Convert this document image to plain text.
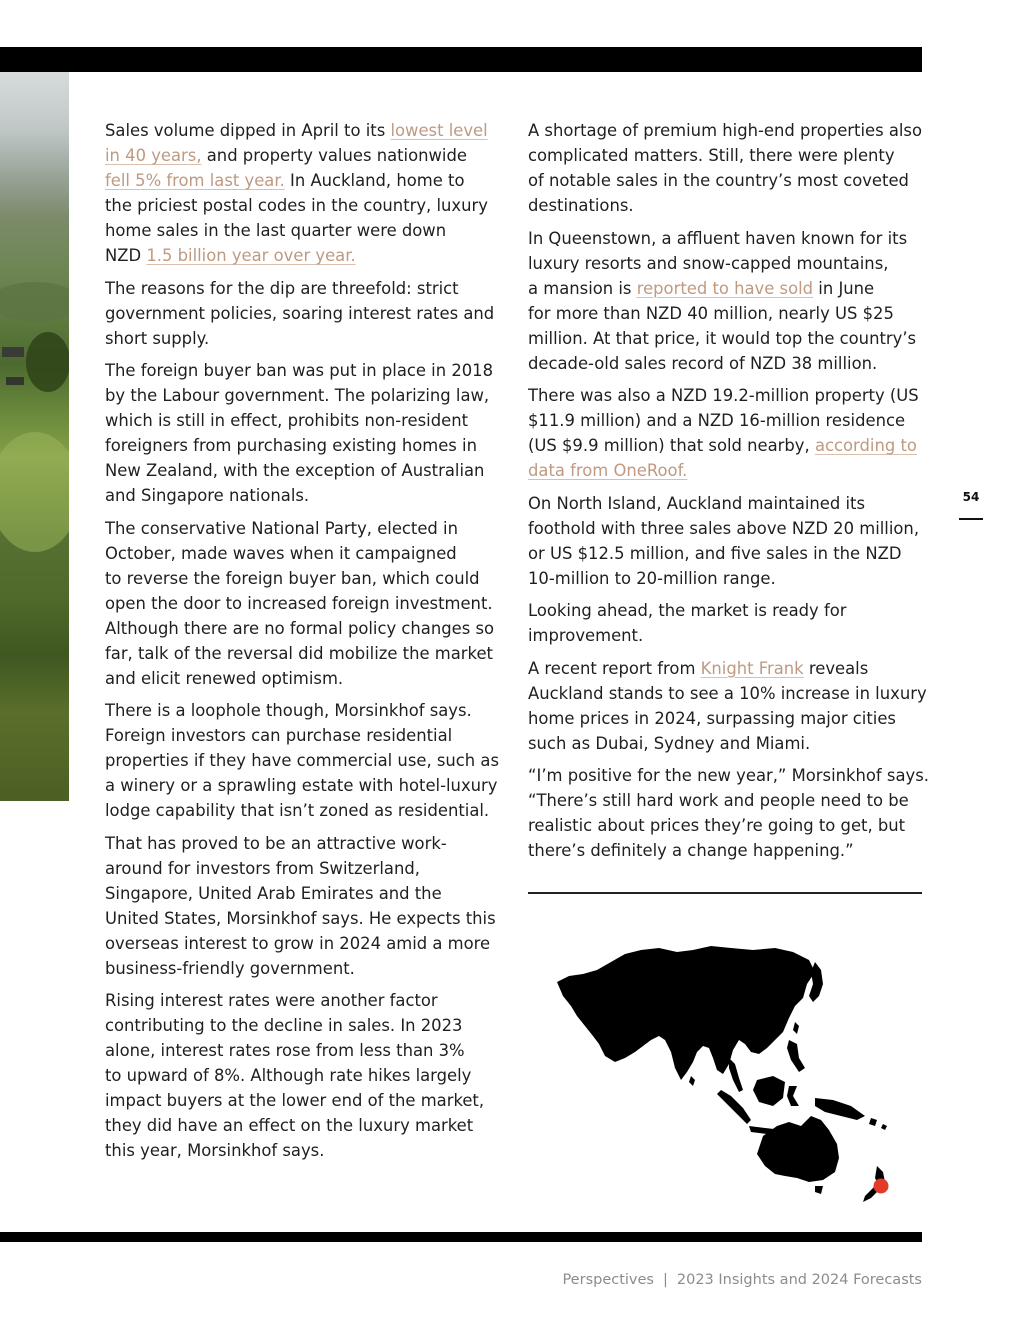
Sales volume dipped in April to its lowest level
in 40 years, and property values nationwide
fell 5% from last year. In Auckland, home to
the priciest postal codes in the country, luxury
home sales in the last quarter were down
NZD 1.5 billion year over year.

The reasons for the dip are threefold: strict
government policies, soaring interest rates and
short supply.

The foreign buyer ban was put in place in 2018
by the Labour government. The polarizing law,
which is still in effect, prohibits non-resident
foreigners from purchasing existing homes in
New Zealand, with the exception of Australian
and Singapore nationals.

The conservative National Party, elected in
October, made waves when it campaigned
to reverse the foreign buyer ban, which could
open the door to increased foreign investment.
Although there are no formal policy changes so
far, talk of the reversal did mobilize the market
and elicit renewed optimism.

There is a loophole though, Morsinkhof says.
Foreign investors can purchase residential
properties if they have commercial use, such as
a winery or a sprawling estate with hotel-luxury
lodge capability that isn’t zoned as residential.

That has proved to be an attractive work-
around for investors from Switzerland,
Singapore, United Arab Emirates and the
United States, Morsinkhof says. He expects this
overseas interest to grow in 2024 amid a more
business-friendly government.

Rising interest rates were another factor
contributing to the decline in sales. In 2023
alone, interest rates rose from less than 3%
to upward of 8%. Although rate hikes largely
impact buyers at the lower end of the market,
they did have an effect on the luxury market
this year, Morsinkhof says.

A shortage of premium high-end properties also
complicated matters. Still, there were plenty
of notable sales in the country’s most coveted
destinations.

In Queenstown, a affluent haven known for its
luxury resorts and snow-capped mountains,
a mansion is reported to have sold in June
for more than NZD 40 million, nearly US $25
million. At that price, it would top the country’s
decade-old sales record of NZD 38 million.

There was also a NZD 19.2-million property (US
$11.9 million) and a NZD 16-million residence
(US $9.9 million) that sold nearby, according to
data from OneRoof.

On North Island, Auckland maintained its
foothold with three sales above NZD 20 million,
or US $12.5 million, and five sales in the NZD
10-million to 20-million range.

Looking ahead, the market is ready for
improvement.

A recent report from Knight Frank reveals
Auckland stands to see a 10% increase in luxury
home prices in 2024, surpassing major cities
such as Dubai, Sydney and Miami.

“I’m positive for the new year,” Morsinkhof says.
“There’s still hard work and people need to be
realistic about prices they’re going to get, but
there’s definitely a change happening.”

54
Perspectives | 2023 Insights and 2024 Forecasts
